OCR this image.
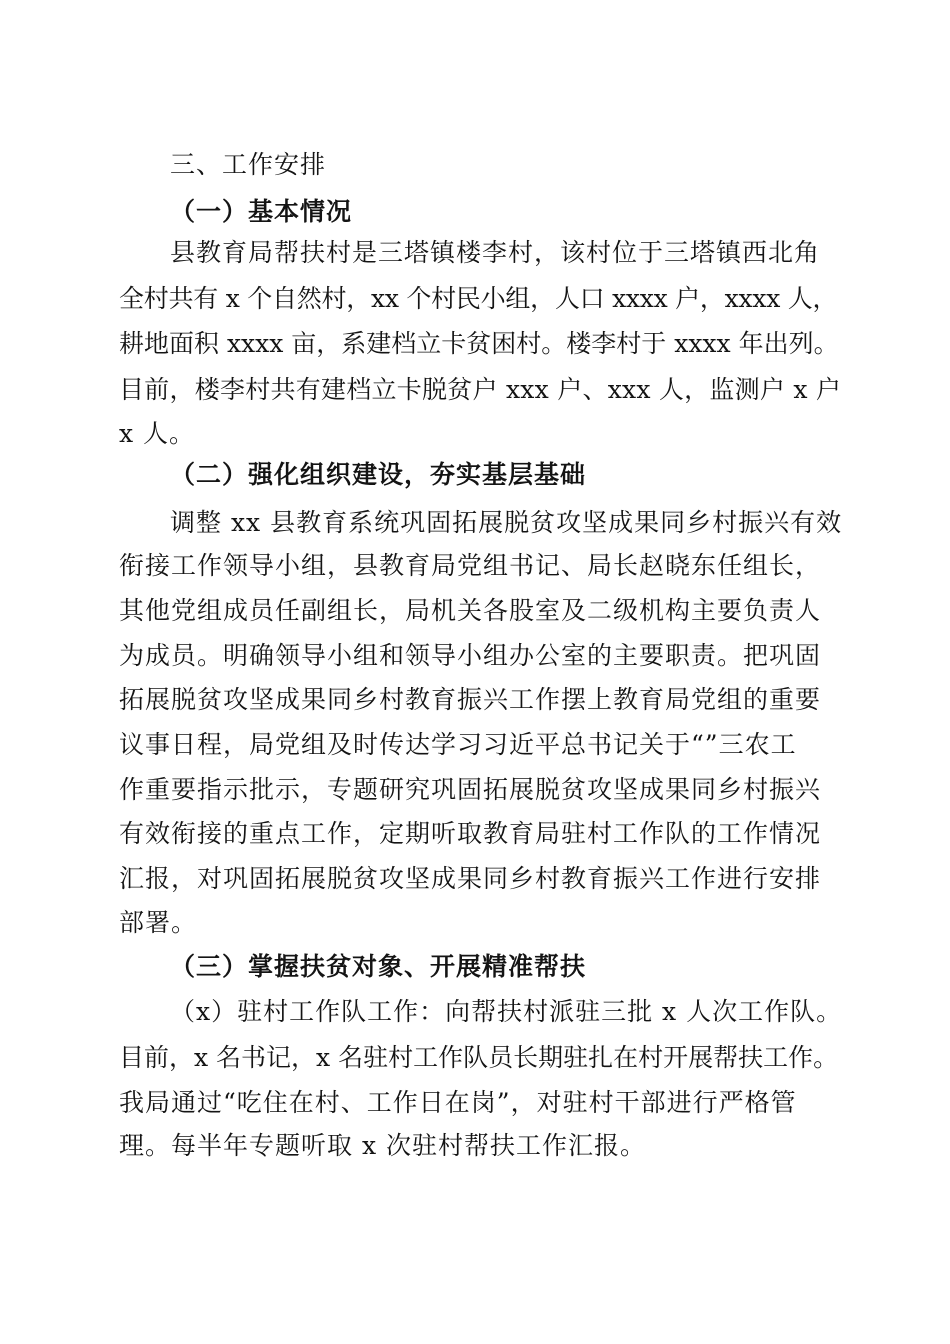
三、工作安排
（一）基本情况

县教育局帮扶村是三塔镇楼李村，该村位于三塔镇西北角

全村共有 x 个自然村，xx 个村民小组，人口 xxxx 户，xxxx 人，

耕地面积 xxxx 亩，系建档立卡贫困村。楼李村于 xxxx 年出列。

目前，楼李村共有建档立卡脱贫户 xxx 户、xxx 人，监测户 x 户

x 人。

（二）强化组织建设，夯实基层基础

调整 xx 县教育系统巩固拓展脱贫攻坚成果同乡村振兴有效

衔接工作领导小组，县教育局党组书记、局长赵晓东任组长，

其他党组成员任副组长，局机关各股室及二级机构主要负责人

为成员。明确领导小组和领导小组办公室的主要职责。把巩固

拓展脱贫攻坚成果同乡村教育振兴工作摆上教育局党组的重要

议事日程，局党组及时传达学习习近平总书记关于“”三农工

作重要指示批示，专题研究巩固拓展脱贫攻坚成果同乡村振兴

有效衔接的重点工作，定期听取教育局驻村工作队的工作情况

汇报，对巩固拓展脱贫攻坚成果同乡村教育振兴工作进行安排

部署。

（三）掌握扶贫对象、开展精准帮扶

（x）驻村工作队工作：向帮扶村派驻三批 x 人次工作队。

目前，x 名书记，x 名驻村工作队员长期驻扎在村开展帮扶工作。

我局通过“吃住在村、工作日在岗”，对驻村干部进行严格管

理。每半年专题听取 x 次驻村帮扶工作汇报。
